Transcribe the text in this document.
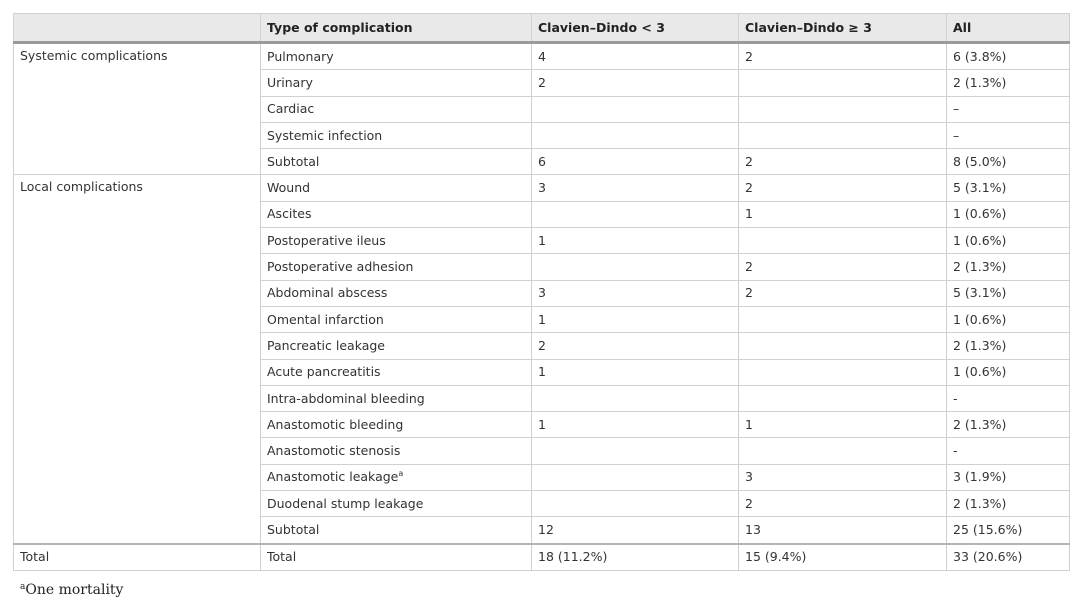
	Type of complication	Clavien–Dindo < 3	Clavien–Dindo ≥ 3	All
Systemic complications	Pulmonary	4	2	6 (3.8%)
	Urinary	2		2 (1.3%)
	Cardiac			–
	Systemic infection			–
	Subtotal	6	2	8 (5.0%)
Local complications	Wound	3	2	5 (3.1%)
	Ascites		1	1 (0.6%)
	Postoperative ileus	1		1 (0.6%)
	Postoperative adhesion		2	2 (1.3%)
	Abdominal abscess	3	2	5 (3.1%)
	Omental infarction	1		1 (0.6%)
	Pancreatic leakage	2		2 (1.3%)
	Acute pancreatitis	1		1 (0.6%)
	Intra-abdominal bleeding			-
	Anastomotic bleeding	1	1	2 (1.3%)
	Anastomotic stenosis			-
	Anastomotic leakage$^a$		3	3 (1.9%)
	Duodenal stump leakage		2	2 (1.3%)
	Subtotal	12	13	25 (15.6%)
Total	Total	18 (11.2%)	15 (9.4%)	33 (20.6%)
$^a$One mortality
